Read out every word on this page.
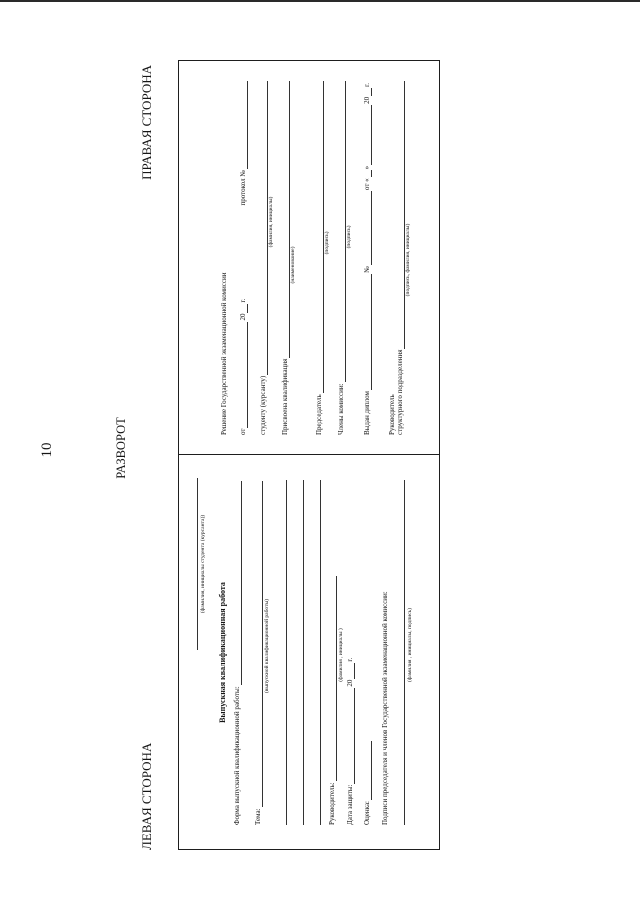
10	РАЗВОРОТ
ЛЕВАЯ СТОРОНА
ПРАВАЯ СТОРОНА
(фамилия, инициалы студента (курсанта))
Выпускная квалификационная работа
Форма выпускной квалификационной работы: Тема:
(выпускной квалификационной работы)
Руководитель:
(фамилия , инициалы )
Дата защиты:
20
г.
Оценка: Подписи председателя и членов Государственной экзаменационной комиссии:	(фамилия , инициалы, подпись)
Решение Государственной экзаменационной комиссии от
20
г.
протокол №
студенту (курсанту)
(фамилия, инициалы)
Присвоена квалификация
(наименование)
Председатель
(подпись)
Члены комиссии:
(подпись)
Выдан диплом
№
от «
»
20
г.
Руководитель структурного подразделения
(подпись, фамилия, инициалы)
